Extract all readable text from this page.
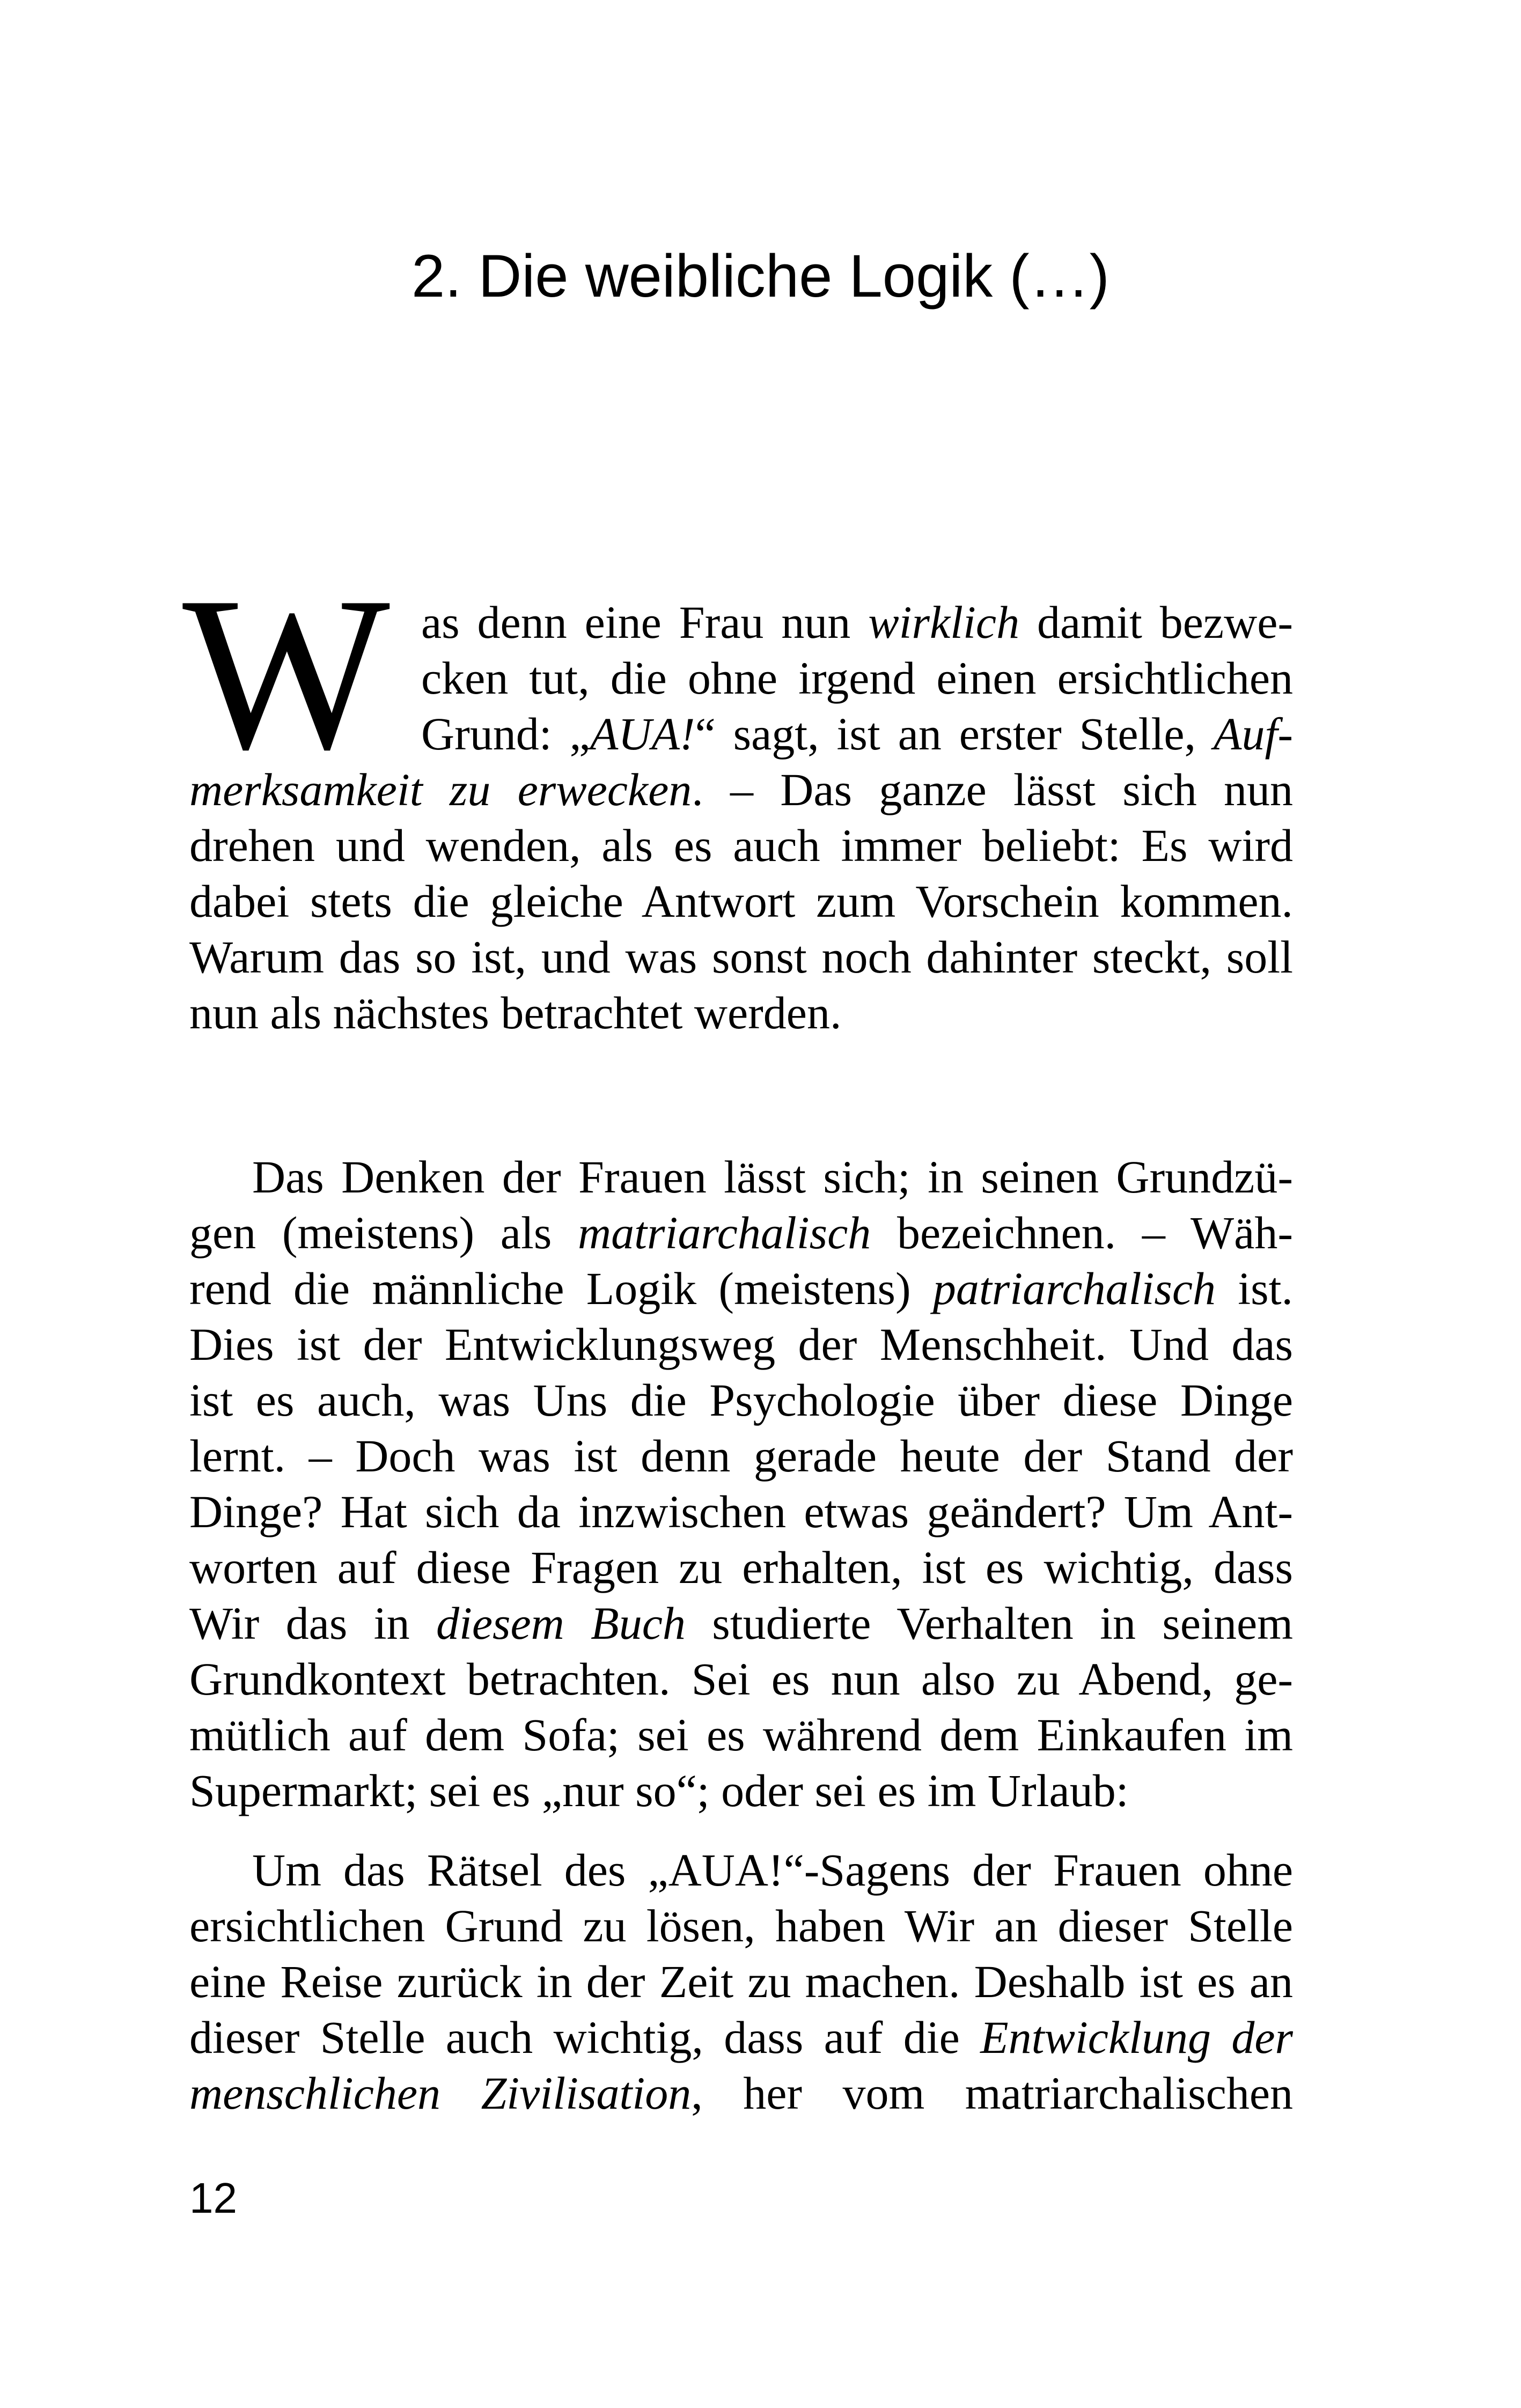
2. Die weibliche Logik (…)
W as denn eine Frau nun wirklich damit bezwe-
cken tut, die ohne irgend einen ersichtlichen
Grund: „AUA!“ sagt, ist an erster Stelle, Auf-
merksamkeit zu erwecken. – Das ganze lässt sich nun
drehen und wenden, als es auch immer beliebt: Es wird
dabei stets die gleiche Antwort zum Vorschein kommen.
Warum das so ist, und was sonst noch dahinter steckt, soll
nun als nächstes betrachtet werden.
Das Denken der Frauen lässt sich; in seinen Grundzü-
gen (meistens) als matriarchalisch bezeichnen. – Wäh-
rend die männliche Logik (meistens) patriarchalisch ist.
Dies ist der Entwicklungsweg der Menschheit. Und das
ist es auch, was Uns die Psychologie über diese Dinge
lernt. – Doch was ist denn gerade heute der Stand der
Dinge? Hat sich da inzwischen etwas geändert? Um Ant-
worten auf diese Fragen zu erhalten, ist es wichtig, dass
Wir das in diesem Buch studierte Verhalten in seinem
Grundkontext betrachten. Sei es nun also zu Abend, ge-
mütlich auf dem Sofa; sei es während dem Einkaufen im
Supermarkt; sei es „nur so“; oder sei es im Urlaub:
Um das Rätsel des „AUA!“-Sagens der Frauen ohne
ersichtlichen Grund zu lösen, haben Wir an dieser Stelle
eine Reise zurück in der Zeit zu machen. Deshalb ist es an
dieser Stelle auch wichtig, dass auf die Entwicklung der
menschlichen Zivilisation, her vom matriarchalischen
12
